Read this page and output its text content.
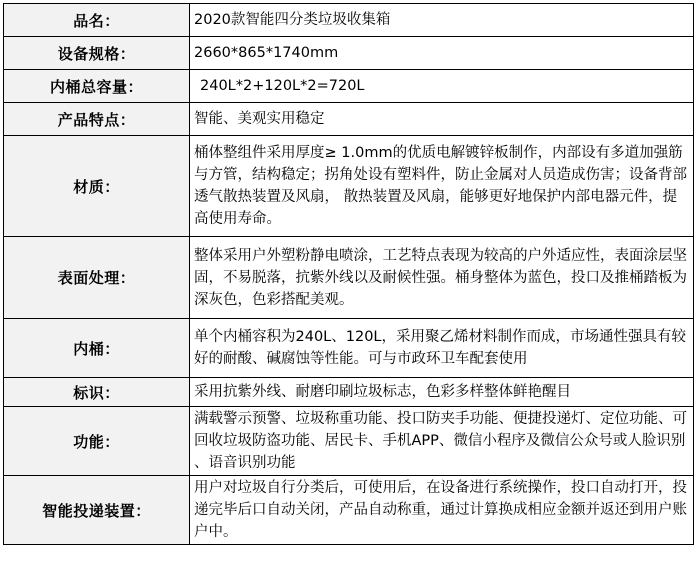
品名：	2020款智能四分类垃圾收集箱
设备规格：	2660*865*1740mm
内桶总容量：	240L*2+120L*2=720L
产品特点：	智能、美观实用稳定
材质：	桶体整组件采用厚度≥ 1.0mm的优质电解镀锌板制作，内部设有多道加强筋与方管，结构稳定；拐角处设有塑料件，防止金属对人员造成伤害；设备背部透气散热装置及风扇， 散热装置及风扇，能够更好地保护内部电器元件，提高使用寿命。
表面处理：	整体采用户外塑粉静电喷涂，工艺特点表现为较高的户外适应性，表面涂层坚固，不易脱落，抗紫外线以及耐候性强。桶身整体为蓝色，投口及推桶踏板为深灰色，色彩搭配美观。
内桶：	单个内桶容积为240L、120L，采用聚乙烯材料制作而成，市场通性强具有较好的耐酸、碱腐蚀等性能。可与市政环卫车配套使用
标识：	采用抗紫外线、耐磨印刷垃圾标志，色彩多样整体鲜艳醒目
功能：	满载警示预警、垃圾称重功能、投口防夹手功能、便捷投递灯、定位功能、可回收垃圾防盗功能、居民卡、手机APP、微信小程序及微信公众号或人脸识别 、语音识别功能
智能投递装置：	用户对垃圾自行分类后，可使用后，在设备进行系统操作，投口自动打开，投递完毕后口自动关闭，产品自动称重，通过计算换成相应金额并返还到用户账户中。
